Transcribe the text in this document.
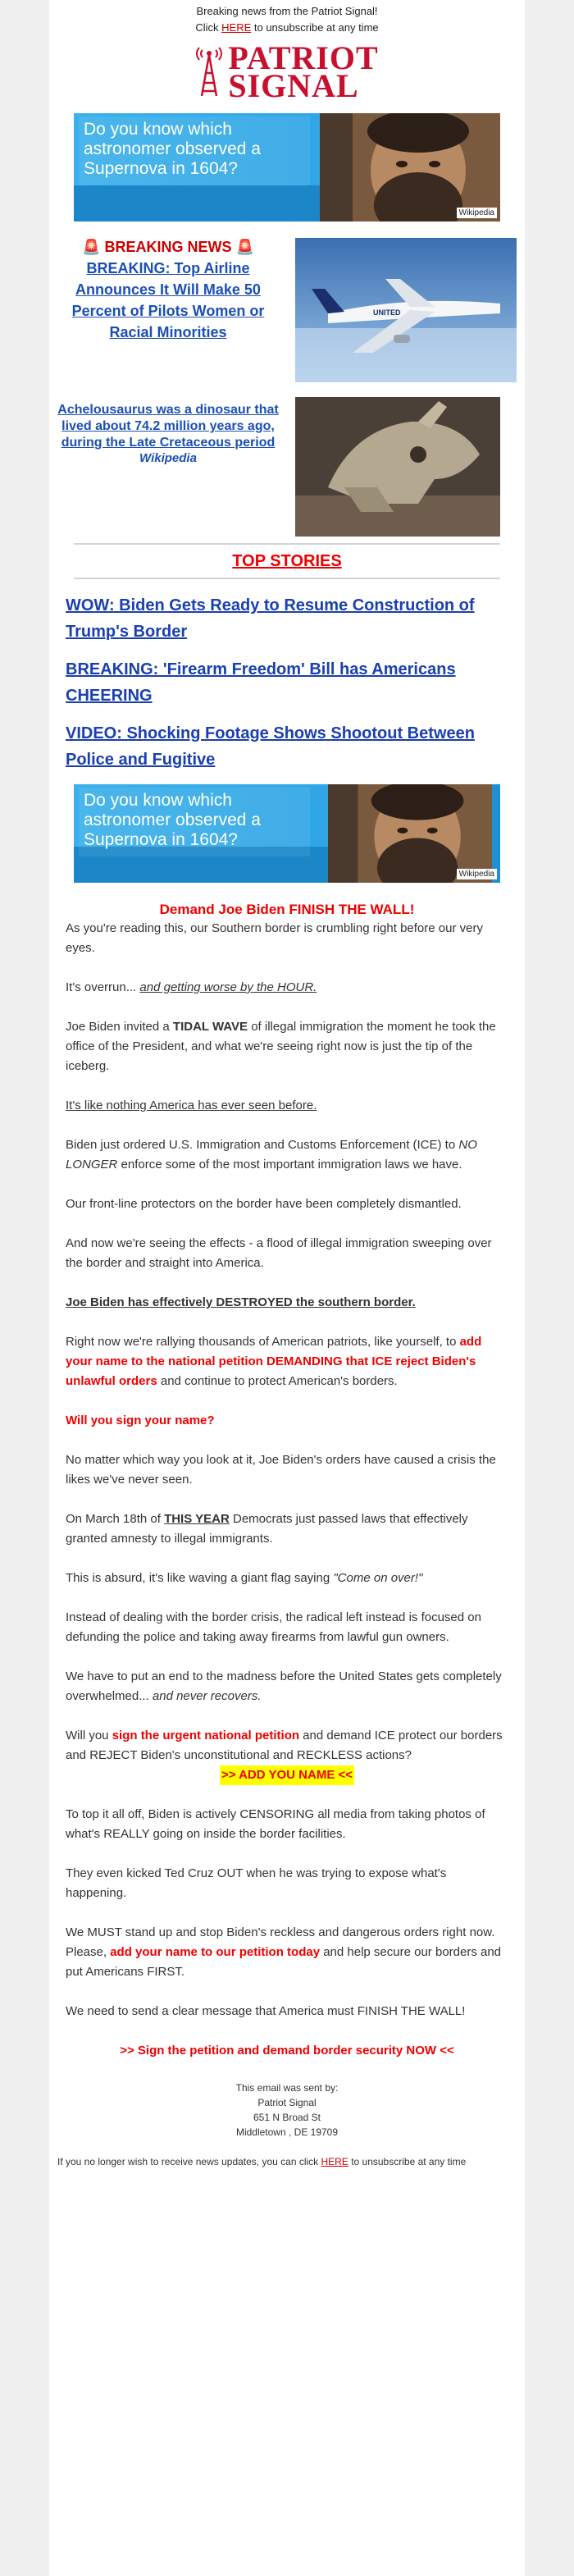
Breaking news from the Patriot Signal!
Click HERE to unsubscribe at any time
PATRIOT
SIGNAL
Do you know which astronomer observed a Supernova in 1604?
Wikipedia
🚨 BREAKING NEWS 🚨
BREAKING: Top Airline Announces It Will Make 50 Percent of Pilots Women or Racial Minorities
UNITED
Achelousaurus was a dinosaur that lived about 74.2 million years ago, during the Late Cretaceous period
Wikipedia
TOP STORIES
WOW: Biden Gets Ready to Resume Construction of Trump's Border
BREAKING: 'Firearm Freedom' Bill has Americans CHEERING
VIDEO: Shocking Footage Shows Shootout Between Police and Fugitive
Do you know which astronomer observed a Supernova in 1604?
Wikipedia
Demand Joe Biden FINISH THE WALL!

As you're reading this, our Southern border is crumbling right before our very eyes.

It's overrun... and getting worse by the HOUR.

Joe Biden invited a TIDAL WAVE of illegal immigration the moment he took the office of the President, and what we're seeing right now is just the tip of the iceberg.

It's like nothing America has ever seen before.

Biden just ordered U.S. Immigration and Customs Enforcement (ICE) to NO LONGER enforce some of the most important immigration laws we have.

Our front-line protectors on the border have been completely dismantled.

And now we're seeing the effects - a flood of illegal immigration sweeping over the border and straight into America.

Joe Biden has effectively DESTROYED the southern border.

Right now we're rallying thousands of American patriots, like yourself, to add your name to the national petition DEMANDING that ICE reject Biden's unlawful orders and continue to protect American's borders.

Will you sign your name?

No matter which way you look at it, Joe Biden's orders have caused a crisis the likes we've never seen.

On March 18th of THIS YEAR Democrats just passed laws that effectively granted amnesty to illegal immigrants.

This is absurd, it's like waving a giant flag saying "Come on over!"

Instead of dealing with the border crisis, the radical left instead is focused on defunding the police and taking away firearms from lawful gun owners.

We have to put an end to the madness before the United States gets completely overwhelmed... and never recovers.

Will you sign the urgent national petition and demand ICE protect our borders and REJECT Biden's unconstitutional and RECKLESS actions?

>> ADD YOU NAME <<

To top it all off, Biden is actively CENSORING all media from taking photos of what's REALLY going on inside the border facilities.

They even kicked Ted Cruz OUT when he was trying to expose what's happening.

We MUST stand up and stop Biden's reckless and dangerous orders right now. Please, add your name to our petition today and help secure our borders and put Americans FIRST.

We need to send a clear message that America must FINISH THE WALL!

>> Sign the petition and demand border security NOW <<

This email was sent by:
Patriot Signal
651 N Broad St
Middletown , DE 19709
If you no longer wish to receive news updates, you can click HERE to unsubscribe at any time
